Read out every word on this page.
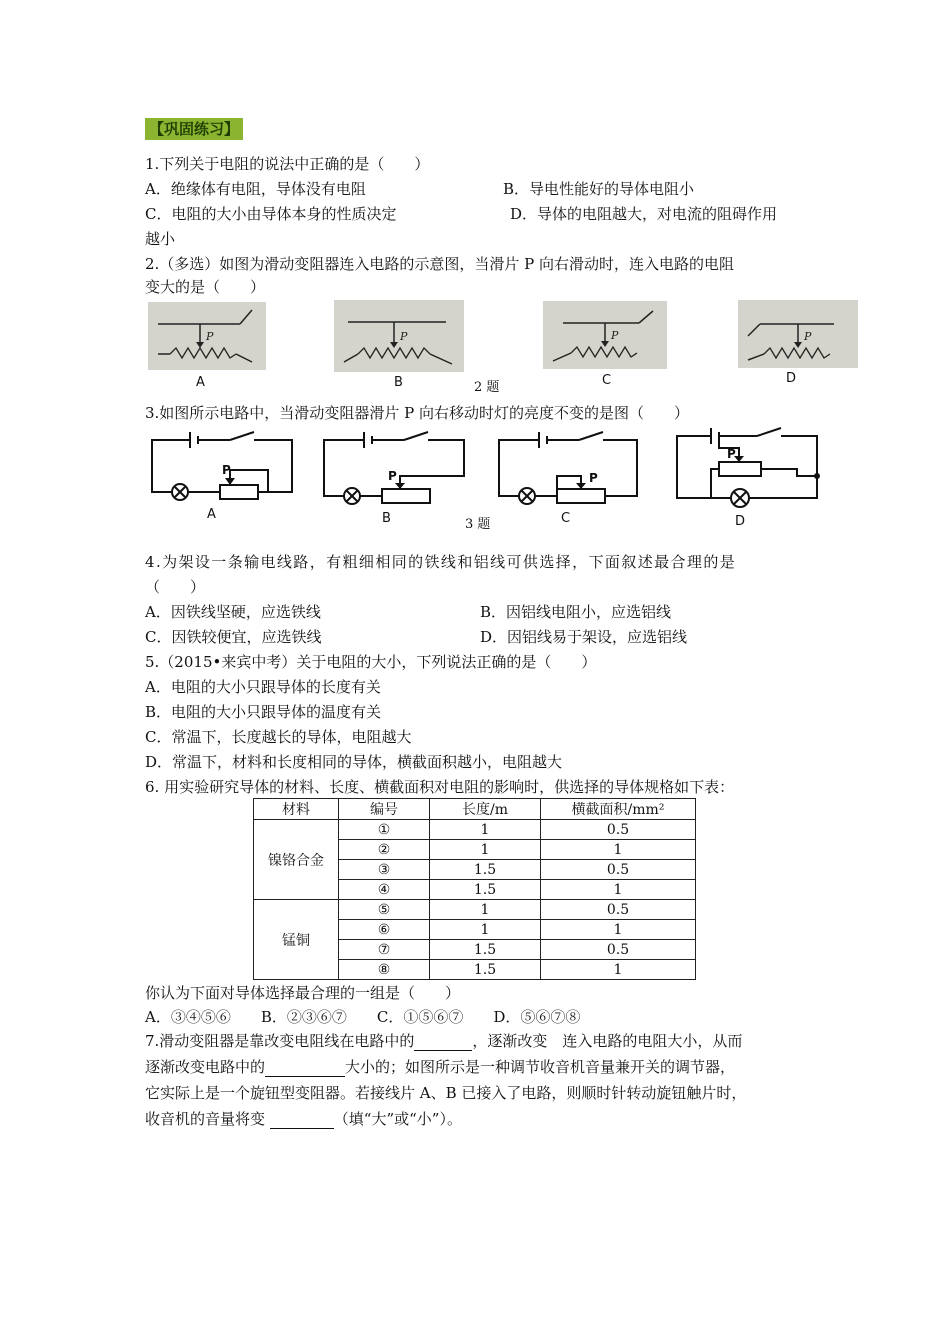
【巩固练习】
1.下列关于电阻的说法中正确的是（　　）
A．绝缘体有电阻，导体没有电阻	B．导电性能好的导体电阻小
C．电阻的大小由导体本身的性质决定	D．导体的电阻越大，对电流的阻碍作用
越小
2.（多选）如图为滑动变阻器连入电路的示意图，当滑片 P 向右滑动时，连入电路的电阻
变大的是（　　）
P
A
P
B	2 题
P
C
P
D
3.如图所示电路中，当滑动变阻器滑片 P 向右移动时灯的亮度不变的是图（　　）
P
A
P
B	3 题
P
C
P
D
4.为架设一条输电线路，有粗细相同的铁线和铝线可供选择，下面叙述最合理的是
（　　）
A．因铁线坚硬，应选铁线	B．因铝线电阻小，应选铝线
C．因铁较便宜，应选铁线	D．因铝线易于架设，应选铝线
5.（2015•来宾中考）关于电阻的大小，下列说法正确的是（　　）
A．电阻的大小只跟导体的长度有关
B．电阻的大小只跟导体的温度有关
C．常温下，长度越长的导体，电阻越大
D．常温下，材料和长度相同的导体，横截面积越小，电阻越大
6. 用实验研究导体的材料、长度、横截面积对电阻的影响时，供选择的导体规格如下表：
材料	编号	长度/m	横截面积/mm²
镍铬合金	①	1	0.5
	②	1	1
	③	1.5	0.5
	④	1.5	1
锰铜	⑤	1	0.5
	⑥	1	1
	⑦	1.5	0.5
	⑧	1.5	1
你认为下面对导体选择最合理的一组是（　　）
A．③④⑤⑥　　B．②③⑥⑦　　C．①⑤⑥⑦　　D．⑤⑥⑦⑧
7.滑动变阻器是靠改变电阻线在电路中的	，逐渐改变　连入电路的电阻大小，从而
逐渐改变电路中的	大小的；如图所示是一种调节收音机音量兼开关的调节器，
它实际上是一个旋钮型变阻器。若接线片 A、B 已接入了电路，则顺时针转动旋钮触片时，
收音机的音量将变	（填“大”或“小”）。
